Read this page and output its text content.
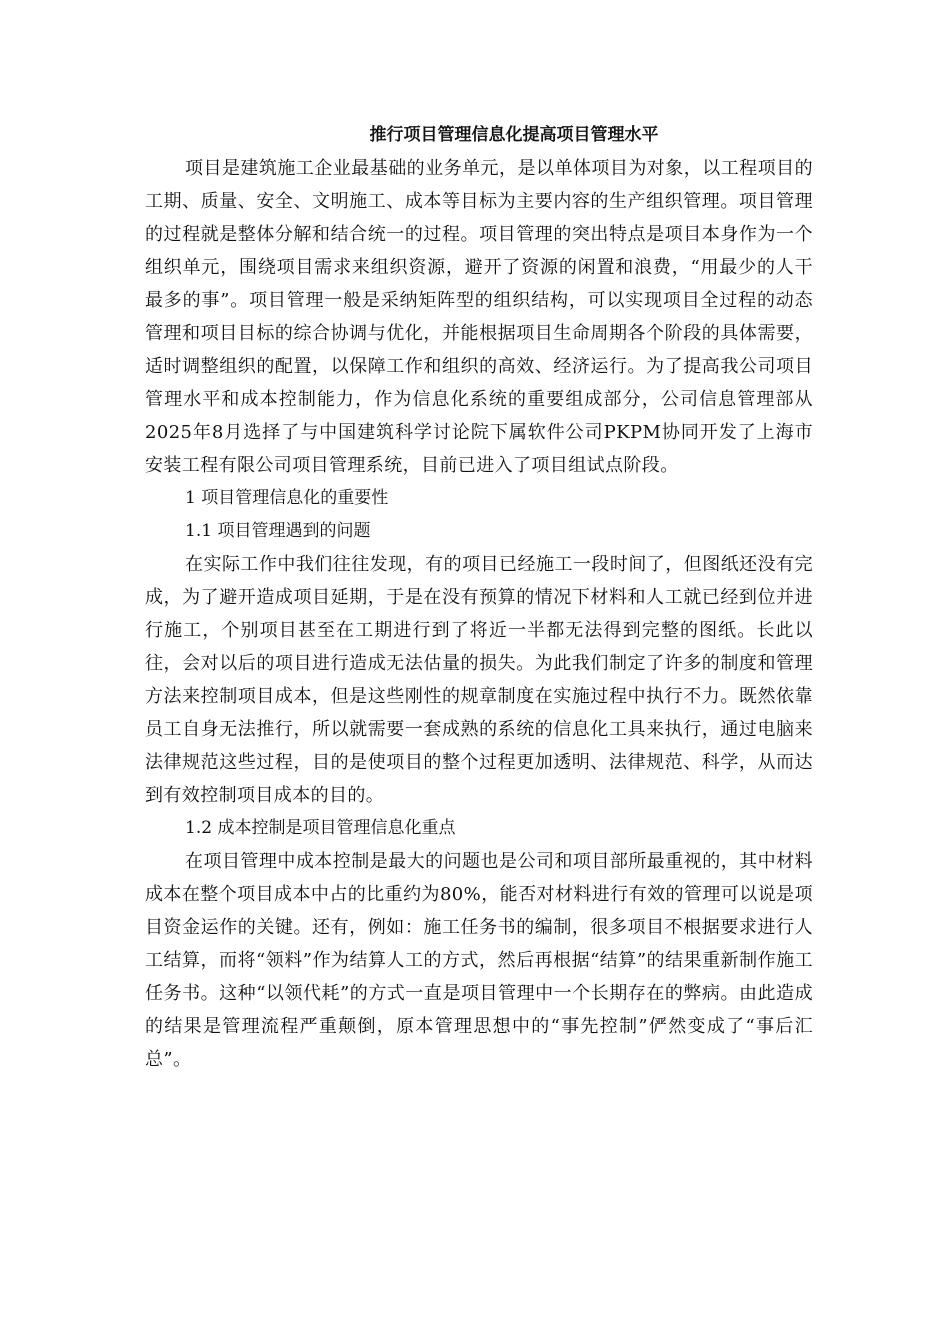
推行项目管理信息化提高项目管理水平

项目是建筑施工企业最基础的业务单元，是以单体项目为对象，以工程项目的工期、质量、安全、文明施工、成本等目标为主要内容的生产组织管理。项目管理的过程就是整体分解和结合统一的过程。项目管理的突出特点是项目本身作为一个组织单元，围绕项目需求来组织资源，避开了资源的闲置和浪费，“用最少的人干最多的事”。项目管理一般是采纳矩阵型的组织结构，可以实现项目全过程的动态管理和项目目标的综合协调与优化，并能根据项目生命周期各个阶段的具体需要，适时调整组织的配置，以保障工作和组织的高效、经济运行。为了提高我公司项目管理水平和成本控制能力，作为信息化系统的重要组成部分，公司信息管理部从2025年8月选择了与中国建筑科学讨论院下属软件公司PKPM协同开发了上海市安装工程有限公司项目管理系统，目前已进入了项目组试点阶段。

1 项目管理信息化的重要性

1.1 项目管理遇到的问题

在实际工作中我们往往发现，有的项目已经施工一段时间了，但图纸还没有完成，为了避开造成项目延期，于是在没有预算的情况下材料和人工就已经到位并进行施工，个别项目甚至在工期进行到了将近一半都无法得到完整的图纸。长此以往，会对以后的项目进行造成无法估量的损失。为此我们制定了许多的制度和管理方法来控制项目成本，但是这些刚性的规章制度在实施过程中执行不力。既然依靠员工自身无法推行，所以就需要一套成熟的系统的信息化工具来执行，通过电脑来法律规范这些过程，目的是使项目的整个过程更加透明、法律规范、科学，从而达到有效控制项目成本的目的。

1.2 成本控制是项目管理信息化重点

在项目管理中成本控制是最大的问题也是公司和项目部所最重视的，其中材料成本在整个项目成本中占的比重约为80%，能否对材料进行有效的管理可以说是项目资金运作的关键。还有，例如：施工任务书的编制，很多项目不根据要求进行人工结算，而将“领料”作为结算人工的方式，然后再根据“结算”的结果重新制作施工任务书。这种“以领代耗”的方式一直是项目管理中一个长期存在的弊病。由此造成的结果是管理流程严重颠倒，原本管理思想中的“事先控制”俨然变成了“事后汇总”。
